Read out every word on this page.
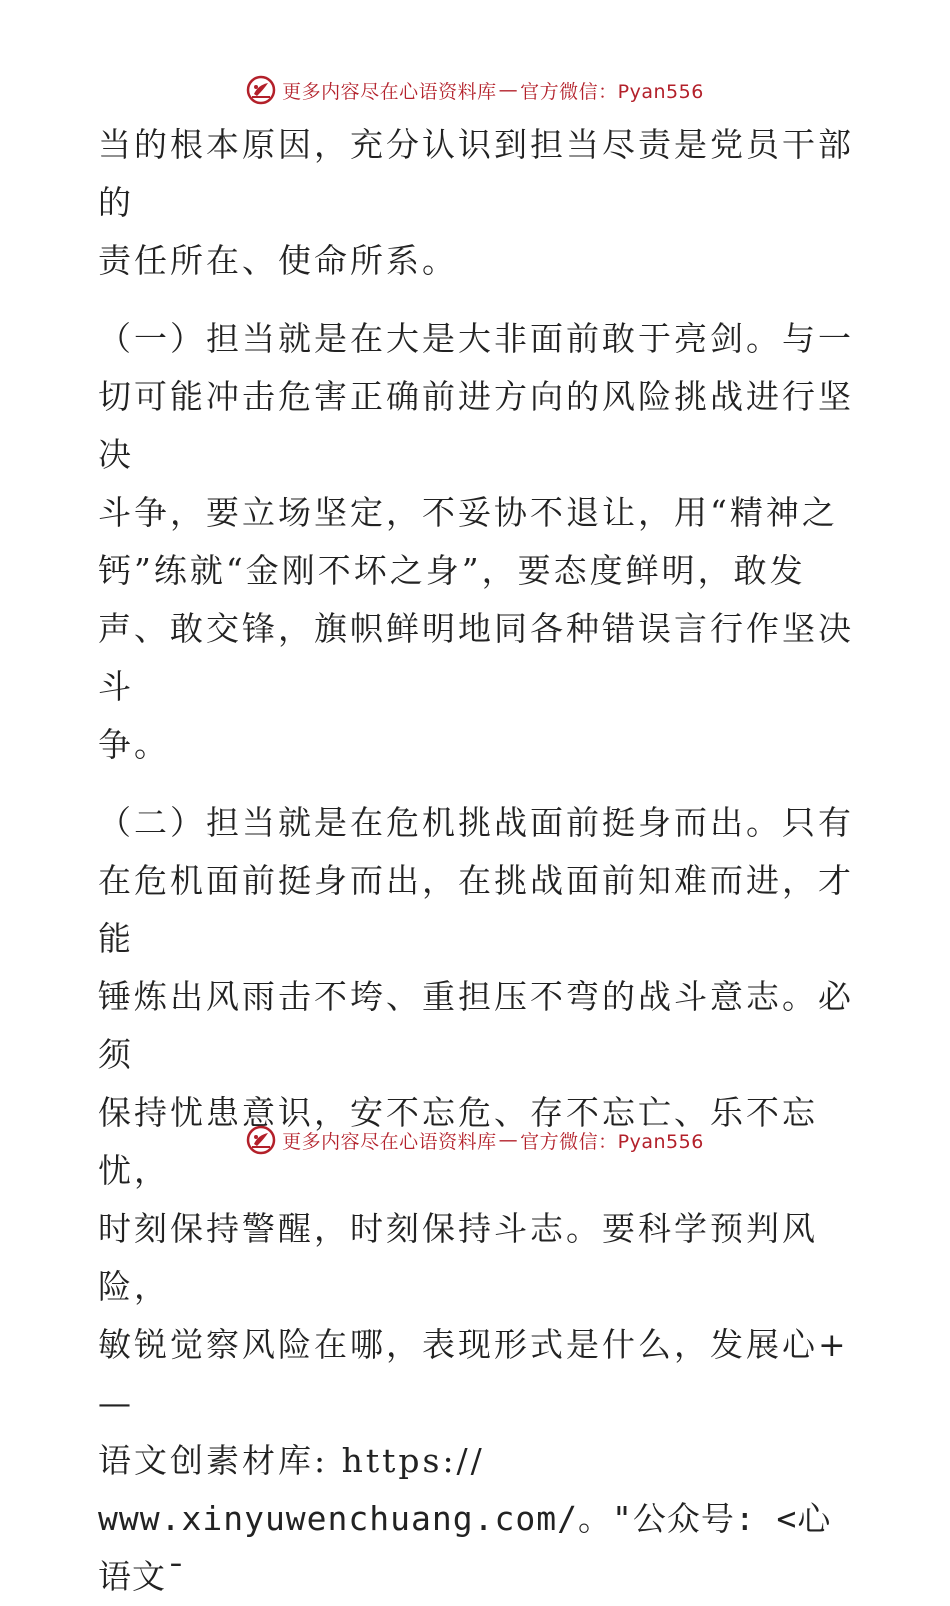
更多内容尽在心语资料库 — 官方微信：Pyan556

当的根本原因，充分认识到担当尽责是党员干部的

责任所在、使命所系。

（一）担当就是在大是大非面前敢于亮剑。与一

切可能冲击危害正确前进方向的风险挑战进行坚决

斗争，要立场坚定，不妥协不退让，用“精神之

钙”练就“金刚不坏之身”，要态度鲜明，敢发

声、敢交锋，旗帜鲜明地同各种错误言行作坚决斗

争。

（二）担当就是在危机挑战面前挺身而出。只有

在危机面前挺身而出，在挑战面前知难而进，才能

锤炼出风雨击不垮、重担压不弯的战斗意志。必须

保持忧患意识，安不忘危、存不忘亡、乐不忘忧，

时刻保持警醒，时刻保持斗志。要科学预判风险，

敏锐觉察风险在哪，表现形式是什么，发展心+—

语文创素材库: https://

www.xinyuwenchuang.com/。"公众号: <心语文¯

更多内容尽在心语资料库 — 官方微信：Pyan556
